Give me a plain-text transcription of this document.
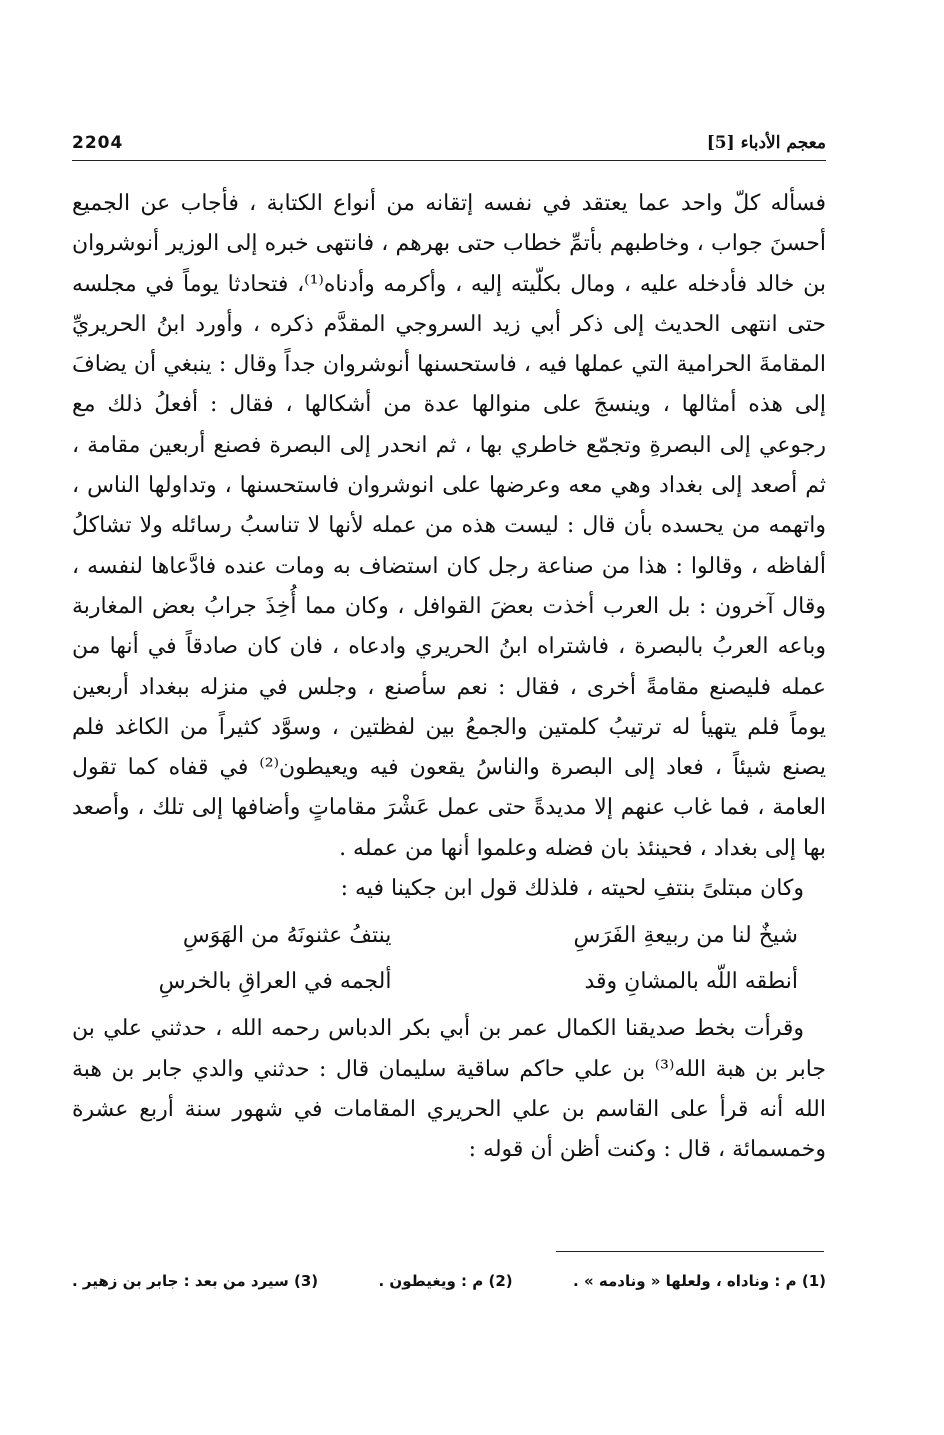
2204	معجم الأدباء [5]

فسأله كلّ واحد عما يعتقد في نفسه إتقانه من أنواع الكتابة ، فأجاب عن الجميع أحسنَ جواب ، وخاطبهم بأتمِّ خطاب حتى بهرهم ، فانتهى خبره إلى الوزير أنوشروان بن خالد فأدخله عليه ، ومال بكلّيته إليه ، وأكرمه وأدناه⁽¹⁾، فتحادثا يوماً في مجلسه حتى انتهى الحديث إلى ذكر أبي زيد السروجي المقدَّم ذكره ، وأورد ابنُ الحريريِّ المقامةَ الحرامية التي عملها فيه ، فاستحسنها أنوشروان جداً وقال : ينبغي أن يضافَ إلى هذه أمثالها ، وينسجَ على منوالها عدة من أشكالها ، فقال : أفعلُ ذلك مع رجوعي إلى البصرةِ وتجمّع خاطري بها ، ثم انحدر إلى البصرة فصنع أربعين مقامة ، ثم أصعد إلى بغداد وهي معه وعرضها على انوشروان فاستحسنها ، وتداولها الناس ، واتهمه من يحسده بأن قال : ليست هذه من عمله لأنها لا تناسبُ رسائله ولا تشاكلُ ألفاظه ، وقالوا : هذا من صناعة رجل كان استضاف به ومات عنده فادَّعاها لنفسه ، وقال آخرون : بل العرب أخذت بعضَ القوافل ، وكان مما أُخِذَ جرابُ بعض المغاربة وباعه العربُ بالبصرة ، فاشتراه ابنُ الحريري وادعاه ، فان كان صادقاً في أنها من عمله فليصنع مقامةً أخرى ، فقال : نعم سأصنع ، وجلس في منزله ببغداد أربعين يوماً فلم يتهيأ له ترتيبُ كلمتين والجمعُ بين لفظتين ، وسوَّد كثيراً من الكاغد فلم يصنع شيئاً ، فعاد إلى البصرة والناسُ يقعون فيه ويعيطون⁽²⁾ في قفاه كما تقول العامة ، فما غاب عنهم إلا مديدةً حتى عمل عَشْرَ مقاماتٍ وأضافها إلى تلك ، وأصعد بها إلى بغداد ، فحينئذ بان فضله وعلموا أنها من عمله .

وكان مبتلىً بنتفِ لحيته ، فلذلك قول ابن جكينا فيه :

شيخٌ لنا من ربيعةِ الفَرَسِ
ينتفُ عثنونَهُ من الهَوَسِ
أنطقه اللّه بالمشانِ وقد
ألجمه في العراقِ بالخرسِ

وقرأت بخط صديقنا الكمال عمر بن أبي بكر الدباس رحمه الله ، حدثني علي بن جابر بن هبة الله⁽³⁾ بن علي حاكم ساقية سليمان قال : حدثني والدي جابر بن هبة الله أنه قرأ على القاسم بن علي الحريري المقامات في شهور سنة أربع عشرة وخمسمائة ، قال : وكنت أظن أن قوله :

(1) م : وناداه ، ولعلها « ونادمه » .
(2) م : ويغيطون .
(3) سيرد من بعد : جابر بن زهير .
